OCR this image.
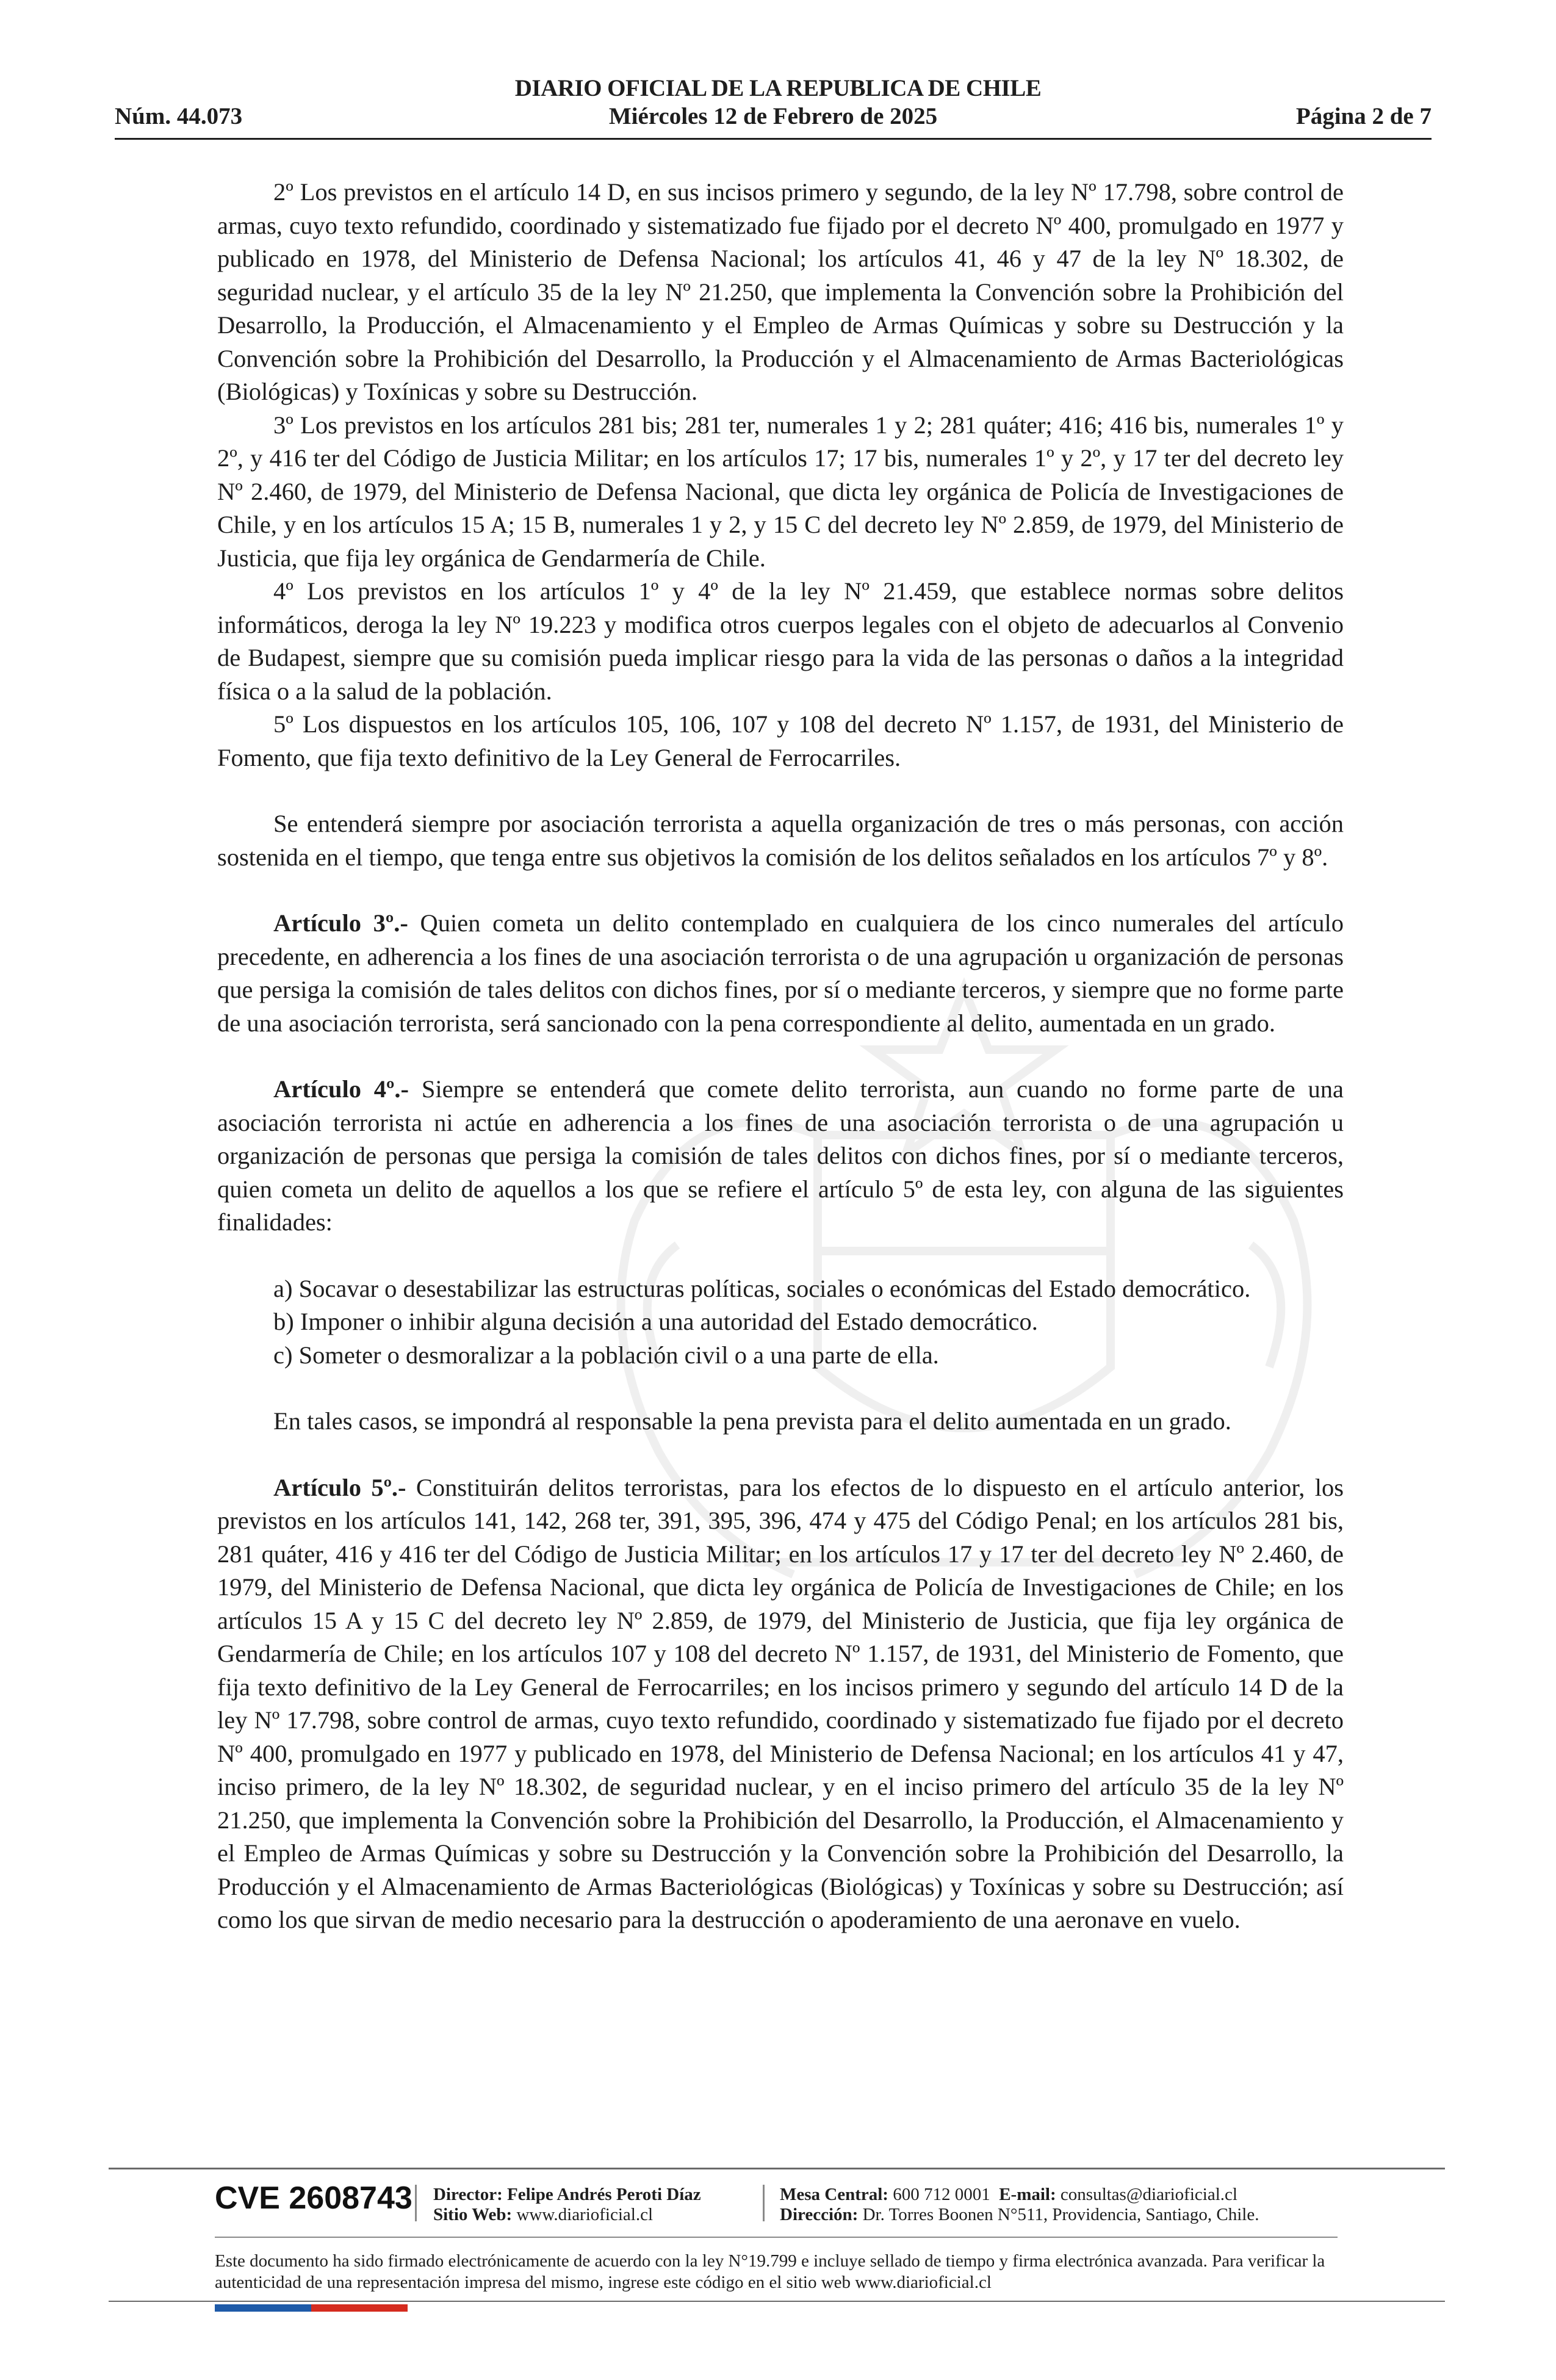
DIARIO OFICIAL DE LA REPUBLICA DE CHILE
Núm. 44.073	Miércoles 12 de Febrero de 2025	Página 2 de 7

2º Los previstos en el artículo 14 D, en sus incisos primero y segundo, de la ley Nº 17.798, sobre control de armas, cuyo texto refundido, coordinado y sistematizado fue fijado por el decreto Nº 400, promulgado en 1977 y publicado en 1978, del Ministerio de Defensa Nacional; los artículos 41, 46 y 47 de la ley Nº 18.302, de seguridad nuclear, y el artículo 35 de la ley Nº 21.250, que implementa la Convención sobre la Prohibición del Desarrollo, la Producción, el Almacenamiento y el Empleo de Armas Químicas y sobre su Destrucción y la Convención sobre la Prohibición del Desarrollo, la Producción y el Almacenamiento de Armas Bacteriológicas (Biológicas) y Toxínicas y sobre su Destrucción.

3º Los previstos en los artículos 281 bis; 281 ter, numerales 1 y 2; 281 quáter; 416; 416 bis, numerales 1º y 2º, y 416 ter del Código de Justicia Militar; en los artículos 17; 17 bis, numerales 1º y 2º, y 17 ter del decreto ley Nº 2.460, de 1979, del Ministerio de Defensa Nacional, que dicta ley orgánica de Policía de Investigaciones de Chile, y en los artículos 15 A; 15 B, numerales 1 y 2, y 15 C del decreto ley Nº 2.859, de 1979, del Ministerio de Justicia, que fija ley orgánica de Gendarmería de Chile.

4º Los previstos en los artículos 1º y 4º de la ley Nº 21.459, que establece normas sobre delitos informáticos, deroga la ley Nº 19.223 y modifica otros cuerpos legales con el objeto de adecuarlos al Convenio de Budapest, siempre que su comisión pueda implicar riesgo para la vida de las personas o daños a la integridad física o a la salud de la población.

5º Los dispuestos en los artículos 105, 106, 107 y 108 del decreto Nº 1.157, de 1931, del Ministerio de Fomento, que fija texto definitivo de la Ley General de Ferrocarriles.

Se entenderá siempre por asociación terrorista a aquella organización de tres o más personas, con acción sostenida en el tiempo, que tenga entre sus objetivos la comisión de los delitos señalados en los artículos 7º y 8º.

Artículo 3º.- Quien cometa un delito contemplado en cualquiera de los cinco numerales del artículo precedente, en adherencia a los fines de una asociación terrorista o de una agrupación u organización de personas que persiga la comisión de tales delitos con dichos fines, por sí o mediante terceros, y siempre que no forme parte de una asociación terrorista, será sancionado con la pena correspondiente al delito, aumentada en un grado.

Artículo 4º.- Siempre se entenderá que comete delito terrorista, aun cuando no forme parte de una asociación terrorista ni actúe en adherencia a los fines de una asociación terrorista o de una agrupación u organización de personas que persiga la comisión de tales delitos con dichos fines, por sí o mediante terceros, quien cometa un delito de aquellos a los que se refiere el artículo 5º de esta ley, con alguna de las siguientes finalidades:

a) Socavar o desestabilizar las estructuras políticas, sociales o económicas del Estado democrático.

b) Imponer o inhibir alguna decisión a una autoridad del Estado democrático.

c) Someter o desmoralizar a la población civil o a una parte de ella.

En tales casos, se impondrá al responsable la pena prevista para el delito aumentada en un grado.

Artículo 5º.- Constituirán delitos terroristas, para los efectos de lo dispuesto en el artículo anterior, los previstos en los artículos 141, 142, 268 ter, 391, 395, 396, 474 y 475 del Código Penal; en los artículos 281 bis, 281 quáter, 416 y 416 ter del Código de Justicia Militar; en los artículos 17 y 17 ter del decreto ley Nº 2.460, de 1979, del Ministerio de Defensa Nacional, que dicta ley orgánica de Policía de Investigaciones de Chile; en los artículos 15 A y 15 C del decreto ley Nº 2.859, de 1979, del Ministerio de Justicia, que fija ley orgánica de Gendarmería de Chile; en los artículos 107 y 108 del decreto Nº 1.157, de 1931, del Ministerio de Fomento, que fija texto definitivo de la Ley General de Ferrocarriles; en los incisos primero y segundo del artículo 14 D de la ley Nº 17.798, sobre control de armas, cuyo texto refundido, coordinado y sistematizado fue fijado por el decreto Nº 400, promulgado en 1977 y publicado en 1978, del Ministerio de Defensa Nacional; en los artículos 41 y 47, inciso primero, de la ley Nº 18.302, de seguridad nuclear, y en el inciso primero del artículo 35 de la ley Nº 21.250, que implementa la Convención sobre la Prohibición del Desarrollo, la Producción, el Almacenamiento y el Empleo de Armas Químicas y sobre su Destrucción y la Convención sobre la Prohibición del Desarrollo, la Producción y el Almacenamiento de Armas Bacteriológicas (Biológicas) y Toxínicas y sobre su Destrucción; así como los que sirvan de medio necesario para la destrucción o apoderamiento de una aeronave en vuelo.

CVE 2608743 Director: Felipe Andrés Peroti Díaz
Sitio Web: www.diarioficial.cl
Mesa Central: 600 712 0001 E-mail: consultas@diarioficial.cl
Dirección: Dr. Torres Boonen N°511, Providencia, Santiago, Chile.
Este documento ha sido firmado electrónicamente de acuerdo con la ley N°19.799 e incluye sellado de tiempo y firma electrónica avanzada. Para verificar la autenticidad de una representación impresa del mismo, ingrese este código en el sitio web www.diarioficial.cl
